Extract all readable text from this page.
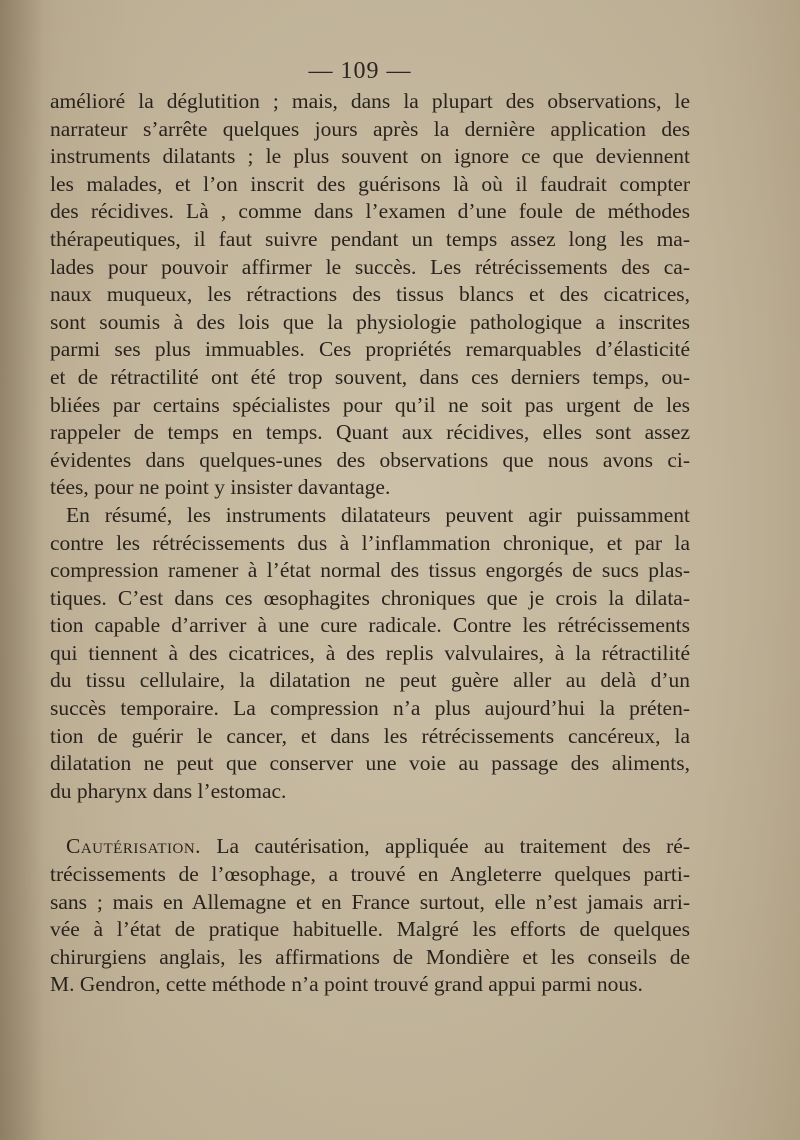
— 109 —
amélioré la déglutition ; mais, dans la plupart des observations, le
narrateur s’arrête quelques jours après la dernière application des
instruments dilatants ; le plus souvent on ignore ce que deviennent
les malades, et l’on inscrit des guérisons là où il faudrait compter
des récidives. Là , comme dans l’examen d’une foule de méthodes
thérapeutiques, il faut suivre pendant un temps assez long les ma-
lades pour pouvoir affirmer le succès. Les rétrécissements des ca-
naux muqueux, les rétractions des tissus blancs et des cicatrices,
sont soumis à des lois que la physiologie pathologique a inscrites
parmi ses plus immuables. Ces propriétés remarquables d’élasticité
et de rétractilité ont été trop souvent, dans ces derniers temps, ou-
bliées par certains spécialistes pour qu’il ne soit pas urgent de les
rappeler de temps en temps. Quant aux récidives, elles sont assez
évidentes dans quelques-unes des observations que nous avons ci-
tées, pour ne point y insister davantage.
En résumé, les instruments dilatateurs peuvent agir puissamment
contre les rétrécissements dus à l’inflammation chronique, et par la
compression ramener à l’état normal des tissus engorgés de sucs plas-
tiques. C’est dans ces œsophagites chroniques que je crois la dilata-
tion capable d’arriver à une cure radicale. Contre les rétrécissements
qui tiennent à des cicatrices, à des replis valvulaires, à la rétractilité
du tissu cellulaire, la dilatation ne peut guère aller au delà d’un
succès temporaire. La compression n’a plus aujourd’hui la préten-
tion de guérir le cancer, et dans les rétrécissements cancéreux, la
dilatation ne peut que conserver une voie au passage des aliments,
du pharynx dans l’estomac.
Cautérisation. La cautérisation, appliquée au traitement des ré-
trécissements de l’œsophage, a trouvé en Angleterre quelques parti-
sans ; mais en Allemagne et en France surtout, elle n’est jamais arri-
vée à l’état de pratique habituelle. Malgré les efforts de quelques
chirurgiens anglais, les affirmations de Mondière et les conseils de
M. Gendron, cette méthode n’a point trouvé grand appui parmi nous.
